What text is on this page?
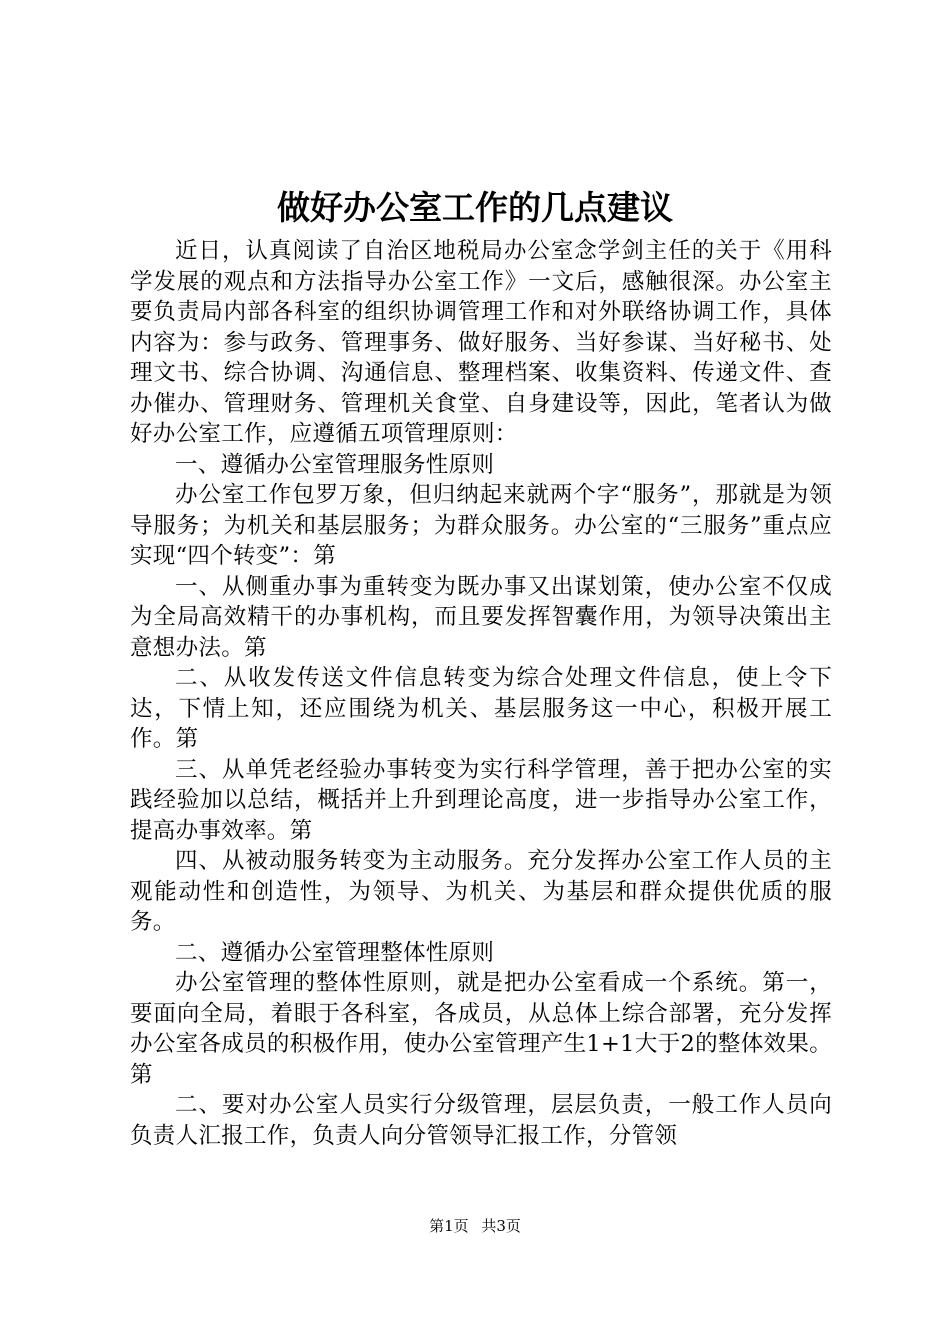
做好办公室工作的几点建议

近日，认真阅读了自治区地税局办公室念学剑主任的关于《用科学发展的观点和方法指导办公室工作》一文后，感触很深。办公室主要负责局内部各科室的组织协调管理工作和对外联络协调工作，具体内容为：参与政务、管理事务、做好服务、当好参谋、当好秘书、处理文书、综合协调、沟通信息、整理档案、收集资料、传递文件、查办催办、管理财务、管理机关食堂、自身建设等，因此，笔者认为做好办公室工作，应遵循五项管理原则：

一、遵循办公室管理服务性原则

办公室工作包罗万象，但归纳起来就两个字“服务”，那就是为领导服务；为机关和基层服务；为群众服务。办公室的“三服务”重点应实现“四个转变”：第

一、从侧重办事为重转变为既办事又出谋划策，使办公室不仅成为全局高效精干的办事机构，而且要发挥智囊作用，为领导决策出主意想办法。第

二、从收发传送文件信息转变为综合处理文件信息，使上令下达，下情上知，还应围绕为机关、基层服务这一中心，积极开展工作。第

三、从单凭老经验办事转变为实行科学管理，善于把办公室的实践经验加以总结，概括并上升到理论高度，进一步指导办公室工作，提高办事效率。第

四、从被动服务转变为主动服务。充分发挥办公室工作人员的主观能动性和创造性，为领导、为机关、为基层和群众提供优质的服务。

二、遵循办公室管理整体性原则

办公室管理的整体性原则，就是把办公室看成一个系统。第一，要面向全局，着眼于各科室，各成员，从总体上综合部署，充分发挥办公室各成员的积极作用，使办公室管理产生1+1大于2的整体效果。第

二、要对办公室人员实行分级管理，层层负责，一般工作人员向负责人汇报工作，负责人向分管领导汇报工作，分管领

第1页 共3页
